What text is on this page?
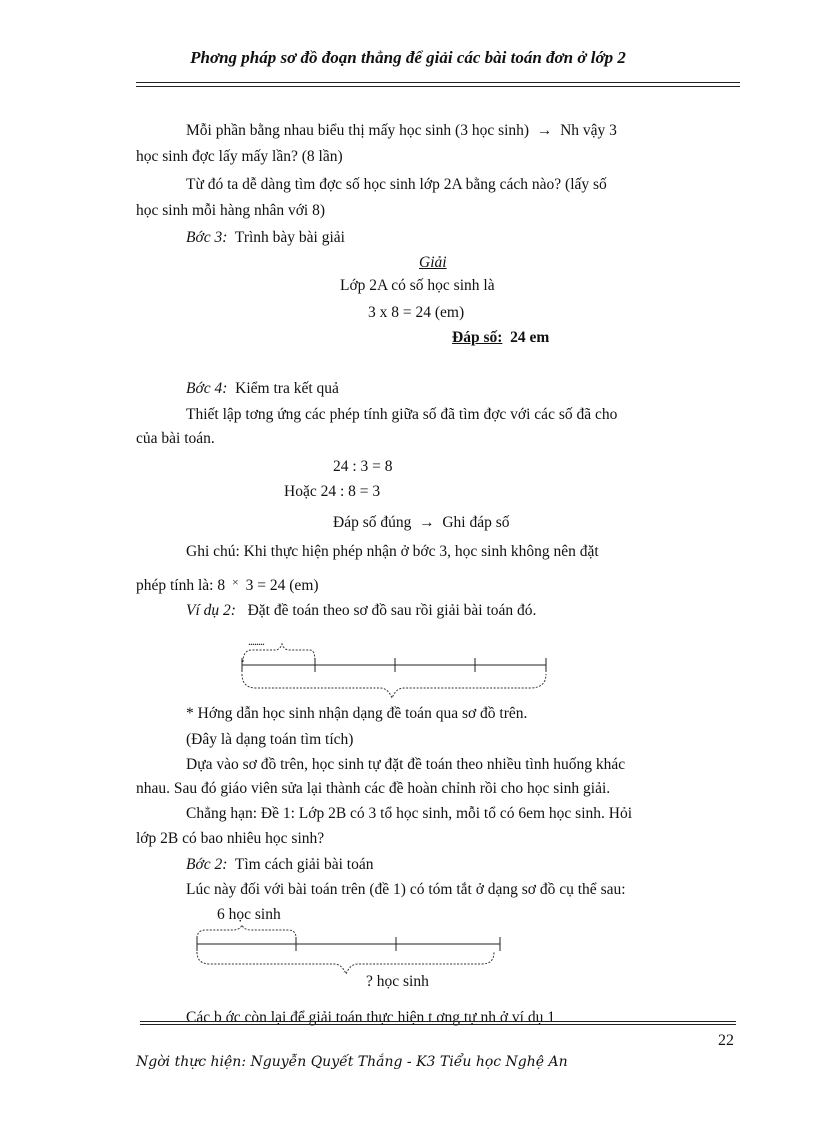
Phơng pháp sơ đồ đoạn thẳng để giải các bài toán đơn ở lớp 2
Mỗi phần bằng nhau biểu thị mấy học sinh (3 học sinh)  →  Nh vậy 3
học sinh đợc lấy mấy lần? (8 lần)
Từ đó ta dễ dàng tìm đợc số học sinh lớp 2A bằng cách nào? (lấy số
học sinh mỗi hàng nhân với 8)
Bớc 3: Trình bày bài giải
Giải
Lớp 2A có số học sinh là
3 x 8 = 24 (em)
Đáp số: 24 em
Bớc 4: Kiểm tra kết quả
Thiết lập tơng ứng các phép tính giữa số đã tìm đợc với các số đã cho
của bài toán.
24 : 3 = 8
Hoặc 24 : 8 = 3
Đáp số đúng  →  Ghi đáp số
Ghi chú: Khi thực hiện phép nhận ở bớc 3, học sinh không nên đặt
phép tính là: 8  ×  3 = 24 (em)
Ví dụ 2: Đặt đề toán theo sơ đồ sau rồi giải bài toán đó.
........
* Hớng dẫn học sinh nhận dạng đề toán qua sơ đồ trên.
(Đây là dạng toán tìm tích)
Dựa vào sơ đồ trên, học sinh tự đặt đề toán theo nhiều tình huống khác
nhau. Sau đó giáo viên sửa lại thành các đề hoàn chỉnh rồi cho học sinh giải.
Chẳng hạn: Đề 1: Lớp 2B có 3 tổ học sinh, mỗi tổ có 6em học sinh. Hỏi
lớp 2B có bao nhiêu học sinh?
Bớc 2: Tìm cách giải bài toán
Lúc này đối với bài toán trên (đề 1) có tóm tắt ở dạng sơ đồ cụ thể sau:
6 học sinh
? học sinh
Các b ớc còn lại để giải toán thực hiện t ơng tự nh ở ví dụ 1
22
Ngời thực hiện: Nguyễn Quyết Thắng - K3 Tiểu học Nghệ An
